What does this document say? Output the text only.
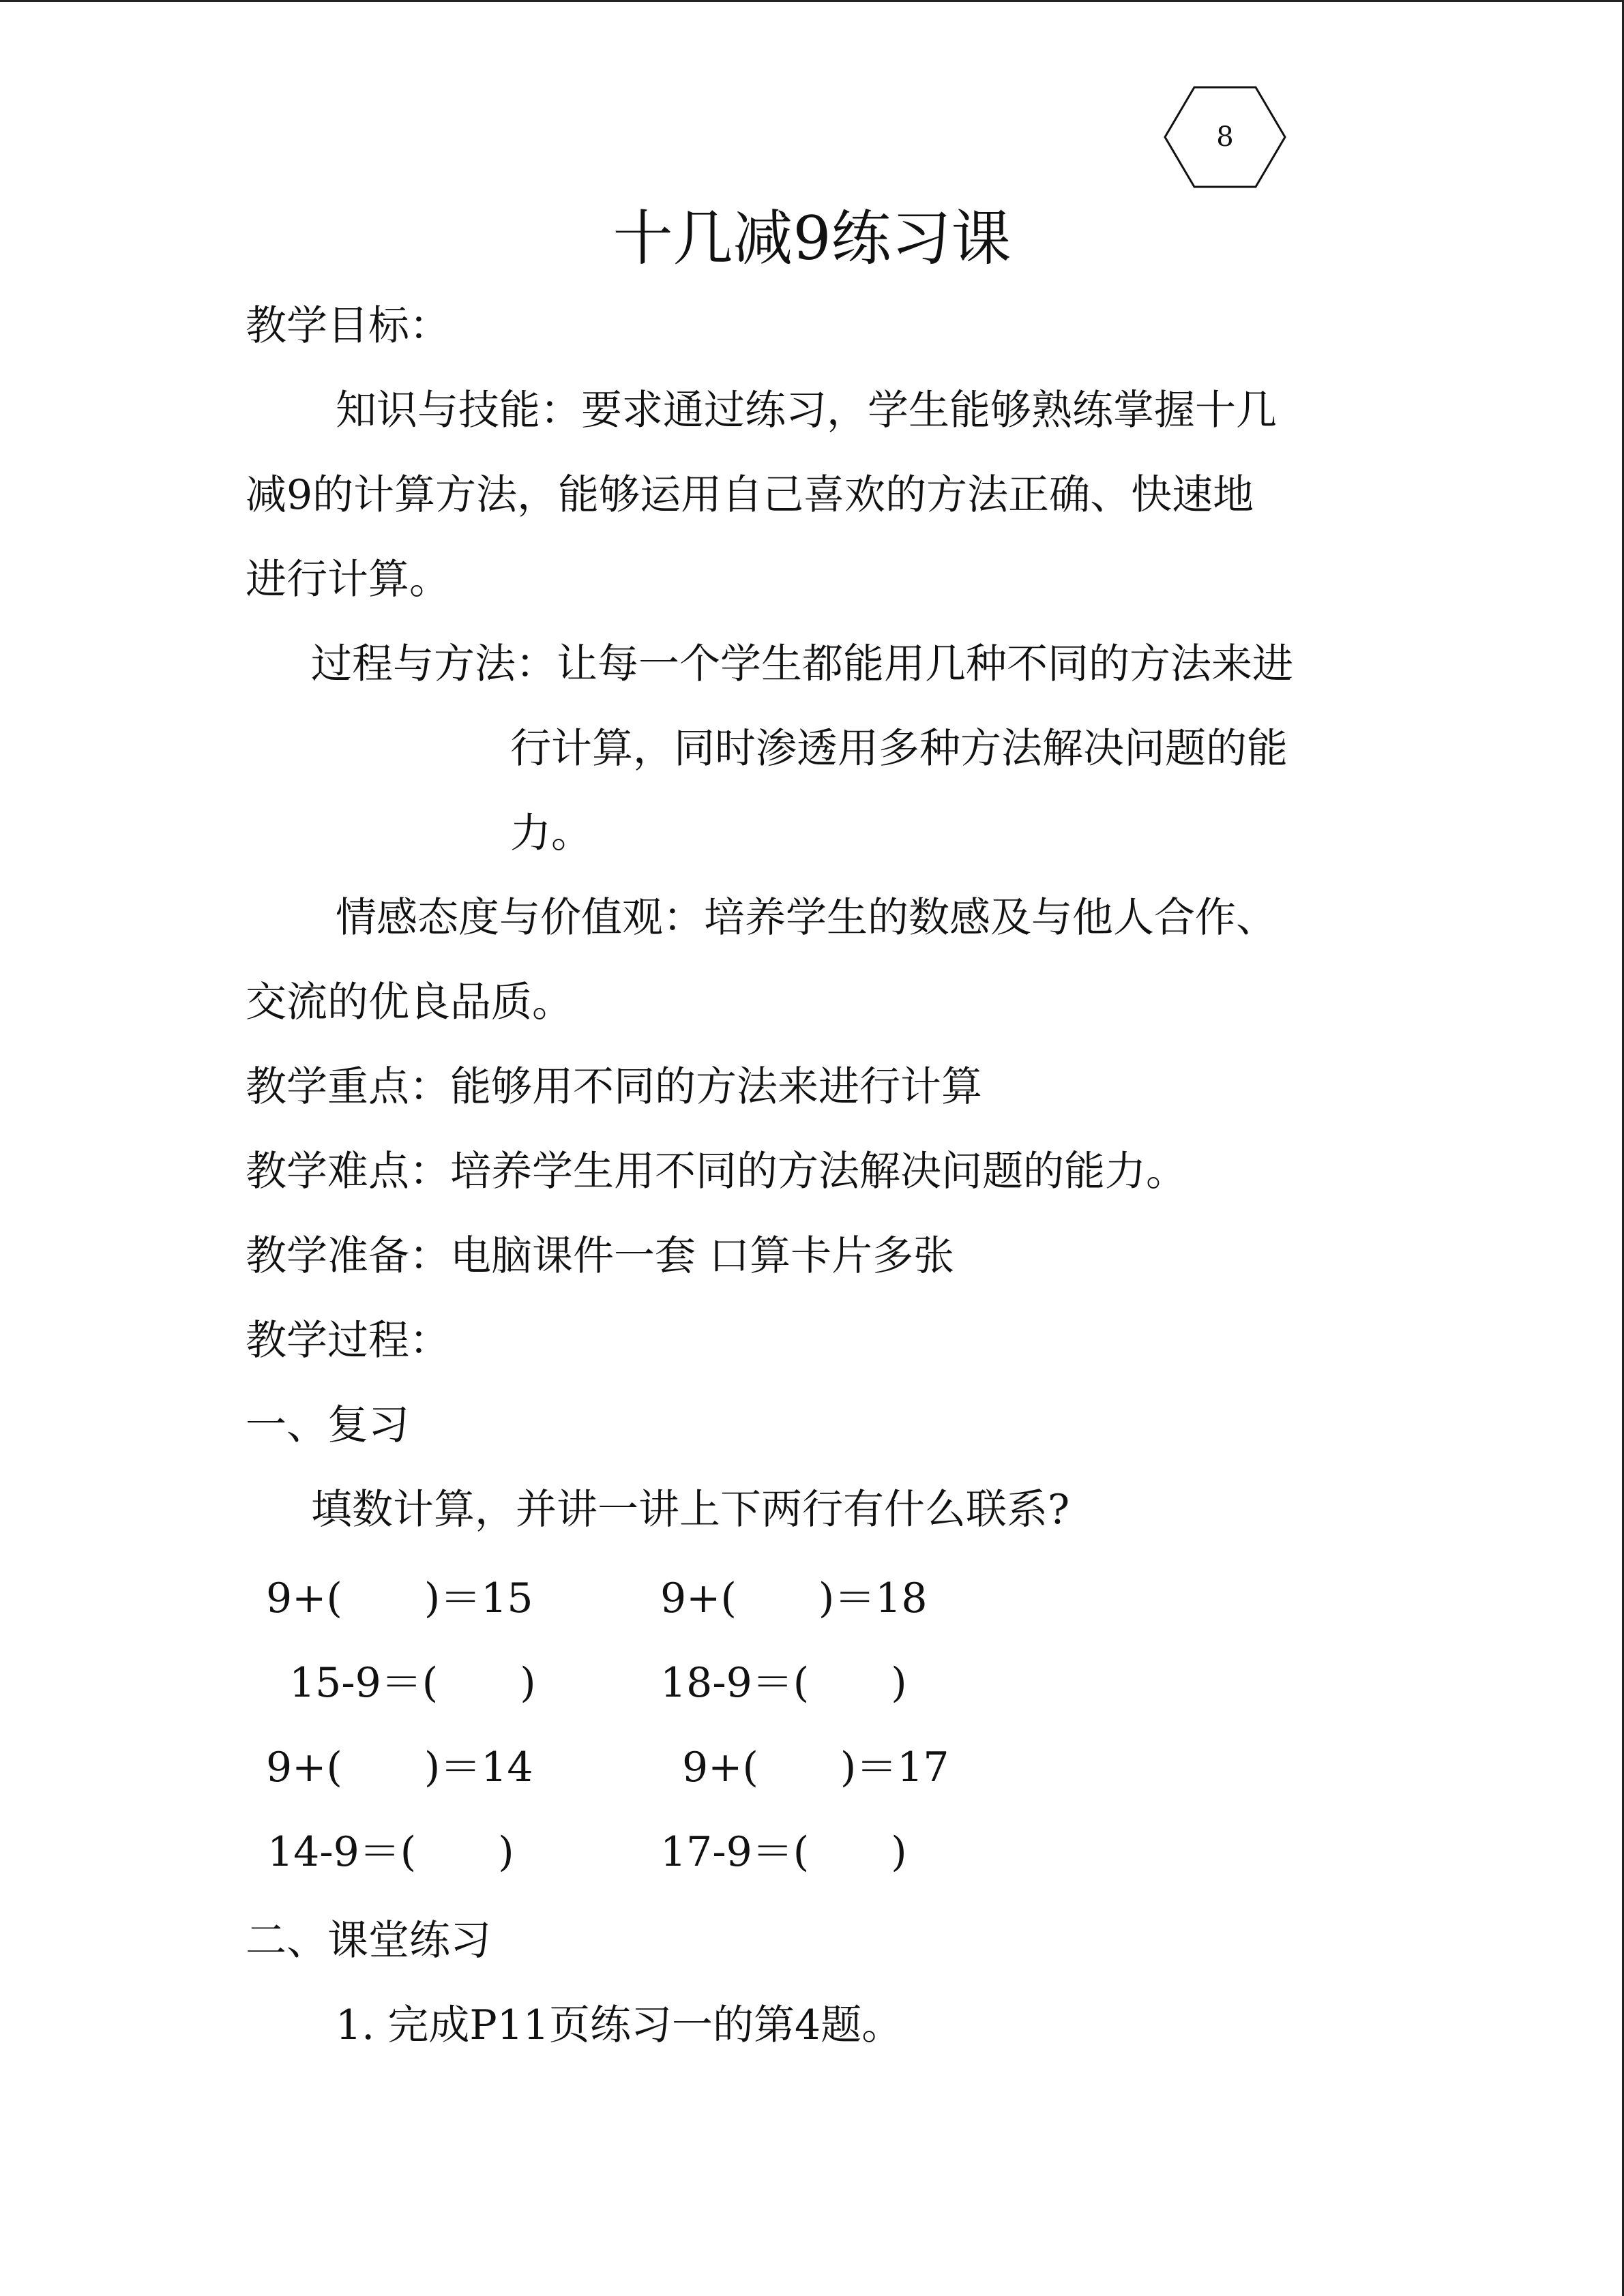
8
十几减9练习课
教学目标：
知识与技能：要求通过练习，学生能够熟练掌握十几
减9的计算方法，能够运用自己喜欢的方法正确、快速地
进行计算。
过程与方法：让每一个学生都能用几种不同的方法来进
行计算，同时渗透用多种方法解决问题的能
力。
情感态度与价值观：培养学生的数感及与他人合作、
交流的优良品质。
教学重点：能够用不同的方法来进行计算
教学难点：培养学生用不同的方法解决问题的能力。
教学准备：电脑课件一套 口算卡片多张
教学过程：
一、复习
填数计算，并讲一讲上下两行有什么联系?
9+(　　)＝15	9+(　　)＝18
15-9＝(　　)	18-9＝(　　)
9+(　　)＝14	9+(　　)＝17
14-9＝(　　)	17-9＝(　　)
二、课堂练习
1. 完成P11页练习一的第4题。
